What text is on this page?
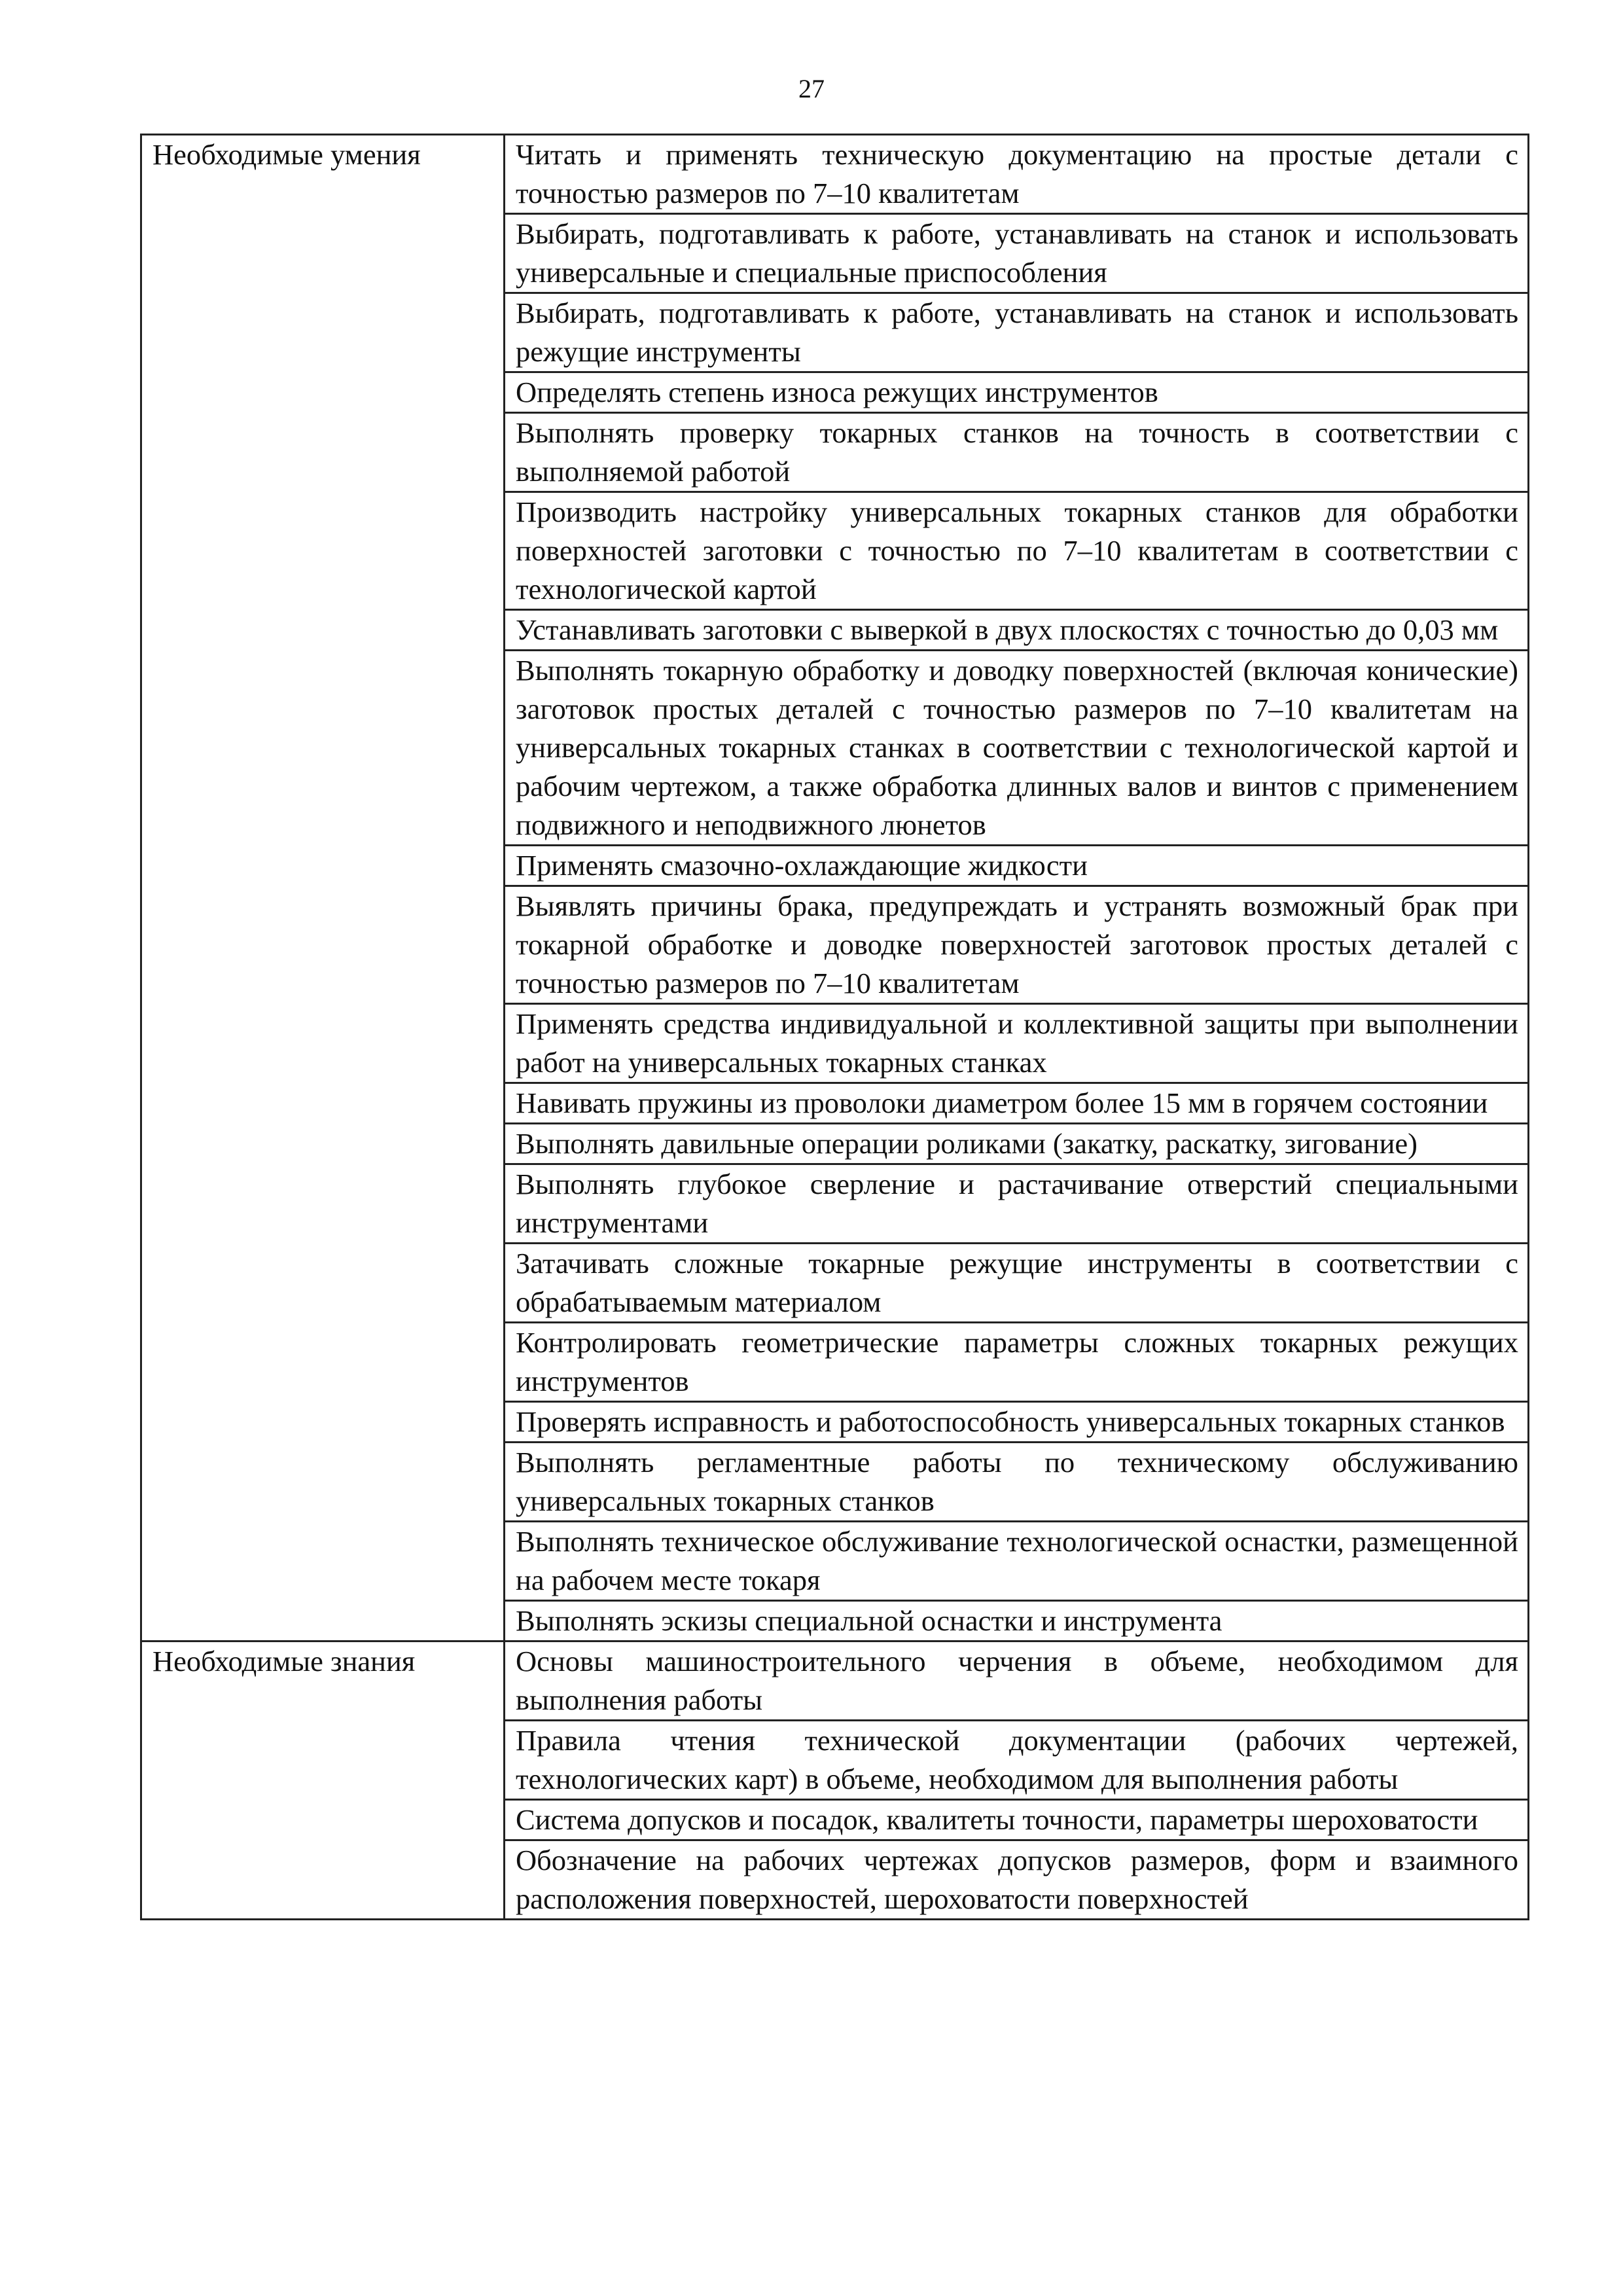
27
Необходимые умения	Читать и применять техническую документацию на простые детали с точностью размеров по 7–10 квалитетам
	Выбирать, подготавливать к работе, устанавливать на станок и использовать универсальные и специальные приспособления
	Выбирать, подготавливать к работе, устанавливать на станок и использовать режущие инструменты
	Определять степень износа режущих инструментов
	Выполнять проверку токарных станков на точность в соответствии с выполняемой работой
	Производить настройку универсальных токарных станков для обработки поверхностей заготовки с точностью по 7–10 квалитетам в соответствии с технологической картой
	Устанавливать заготовки с выверкой в двух плоскостях с точностью до 0,03 мм
	Выполнять токарную обработку и доводку поверхностей (включая конические) заготовок простых деталей с точностью размеров по 7–10 квалитетам на универсальных токарных станках в соответствии с технологической картой и рабочим чертежом, а также обработка длинных валов и винтов с применением подвижного и неподвижного люнетов
	Применять смазочно-охлаждающие жидкости
	Выявлять причины брака, предупреждать и устранять возможный брак при токарной обработке и доводке поверхностей заготовок простых деталей с точностью размеров по 7–10 квалитетам
	Применять средства индивидуальной и коллективной защиты при выполнении работ на универсальных токарных станках
	Навивать пружины из проволоки диаметром более 15 мм в горячем состоянии
	Выполнять давильные операции роликами (закатку, раскатку, зигование)
	Выполнять глубокое сверление и растачивание отверстий специальными инструментами
	Затачивать сложные токарные режущие инструменты в соответствии с обрабатываемым материалом
	Контролировать геометрические параметры сложных токарных режущих инструментов
	Проверять исправность и работоспособность универсальных токарных станков
	Выполнять регламентные работы по техническому обслуживанию универсальных токарных станков
	Выполнять техническое обслуживание технологической оснастки, размещенной на рабочем месте токаря
	Выполнять эскизы специальной оснастки и инструмента
Необходимые знания	Основы машиностроительного черчения в объеме, необходимом для выполнения работы
	Правила чтения технической документации (рабочих чертежей, технологических карт) в объеме, необходимом для выполнения работы
	Система допусков и посадок, квалитеты точности, параметры шероховатости
	Обозначение на рабочих чертежах допусков размеров, форм и взаимного расположения поверхностей, шероховатости поверхностей
